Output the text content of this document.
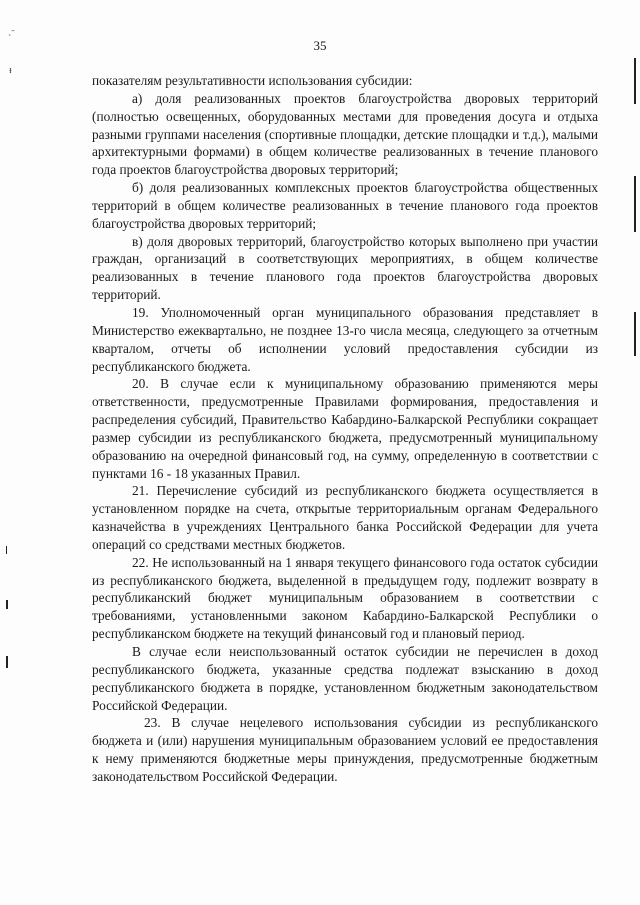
35
˴ˉ
ᵻ

показателям результативности использования субсидии:

а) доля реализованных проектов благоустройства дворовых территорий (полностью освещенных, оборудованных местами для проведения досуга и отдыха разными группами населения (спортивные площадки, детские площадки и т.д.), малыми архитектурными формами) в общем количестве реализованных в течение планового года проектов благоустройства дворовых территорий;

б) доля реализованных комплексных проектов благоустройства общественных территорий в общем количестве реализованных в течение планового года проектов благоустройства дворовых территорий;

в) доля дворовых территорий, благоустройство которых выполнено при участии граждан, организаций в соответствующих мероприятиях, в общем количестве реализованных в течение планового года проектов благоустройства дворовых территорий.

19. Уполномоченный орган муниципального образования представляет в Министерство ежеквартально, не позднее 13-го числа месяца, следующего за отчетным кварталом, отчеты об исполнении условий предоставления субсидии из республиканского бюджета.

20. В случае если к муниципальному образованию применяются меры ответственности, предусмотренные Правилами формирования, предоставления и распределения субсидий, Правительство Кабардино-Балкарской Республики сокращает размер субсидии из республиканского бюджета, предусмотренный муниципальному образованию на очередной финансовый год, на сумму, определенную в соответствии с пунктами 16 - 18 указанных Правил.

21. Перечисление субсидий из республиканского бюджета осуществляется в установленном порядке на счета, открытые территориальным органам Федерального казначейства в учреждениях Центрального банка Российской Федерации для учета операций со средствами местных бюджетов.

22. Не использованный на 1 января текущего финансового года остаток субсидии из республиканского бюджета, выделенной в предыдущем году, подлежит возврату в республиканский бюджет муниципальным образованием в соответствии с требованиями, установленными законом Кабардино-Балкарской Республики о республиканском бюджете на текущий финансовый год и плановый период.

В случае если неиспользованный остаток субсидии не перечислен в доход республиканского бюджета, указанные средства подлежат взысканию в доход республиканского бюджета в порядке, установленном бюджетным законодательством Российской Федерации.

23. В случае нецелевого использования субсидии из республиканского бюджета и (или) нарушения муниципальным образованием условий ее предоставления к нему применяются бюджетные меры принуждения, предусмотренные бюджетным законодательством Российской Федерации.
